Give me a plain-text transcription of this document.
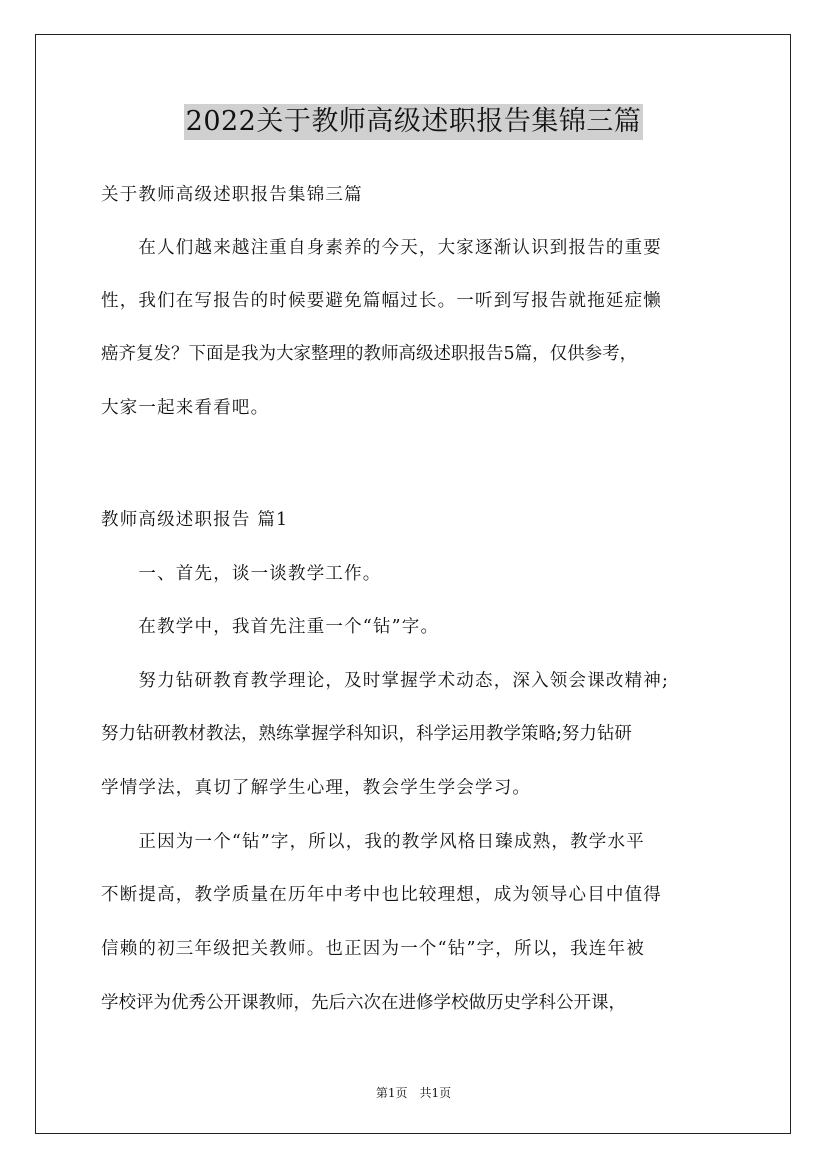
2022关于教师高级述职报告集锦三篇
关于教师高级述职报告集锦三篇
　　在人们越来越注重自身素养的今天，大家逐渐认识到报告的重要
性，我们在写报告的时候要避免篇幅过长。一听到写报告就拖延症懒
癌齐复发？下面是我为大家整理的教师高级述职报告5篇，仅供参考，
大家一起来看看吧。
教师高级述职报告 篇1
　　一、首先，谈一谈教学工作。
　　在教学中，我首先注重一个“钻”字。
　　努力钻研教育教学理论，及时掌握学术动态，深入领会课改精神;
努力钻研教材教法，熟练掌握学科知识，科学运用教学策略;努力钻研
学情学法，真切了解学生心理，教会学生学会学习。
　　正因为一个“钻”字，所以，我的教学风格日臻成熟，教学水平
不断提高，教学质量在历年中考中也比较理想，成为领导心目中值得
信赖的初三年级把关教师。也正因为一个“钻”字，所以，我连年被
学校评为优秀公开课教师，先后六次在进修学校做历史学科公开课，
第1页　共1页
